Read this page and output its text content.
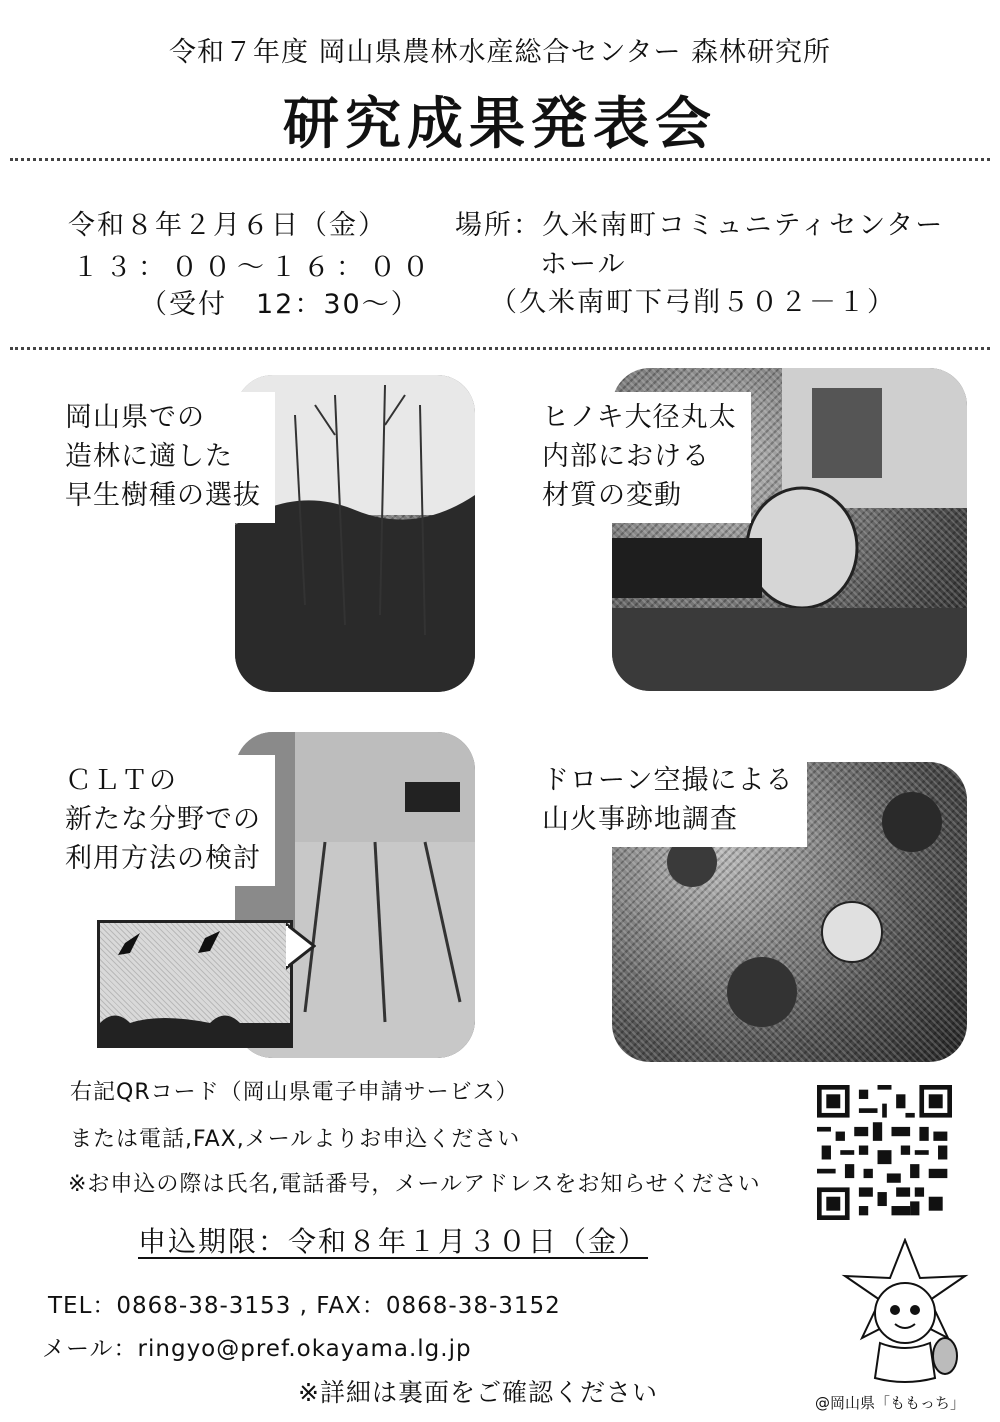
令和７年度 岡山県農林水産総合センター 森林研究所
研究成果発表会
令和８年２月６日（金）
１３：００～１６：００
（受付　12：30～）
場所：久米南町コミュニティセンター
ホール
（久米南町下弓削５０２－１）
岡山県での
造林に適した
早生樹種の選抜
ヒノキ大径丸太
内部における
材質の変動
ＣＬＴの
新たな分野での
利用方法の検討
ドローン空撮による
山火事跡地調査
右記QRコード（岡山県電子申請サービス）
または電話,FAX,メールよりお申込ください
※お申込の際は氏名,電話番号，メールアドレスをお知らせください
申込期限：令和８年１月３０日（金）
TEL：0868-38-3153 , FAX：0868-38-3152
メール：ringyo@pref.okayama.lg.jp
※詳細は裏面をご確認ください	@岡山県「ももっち」
